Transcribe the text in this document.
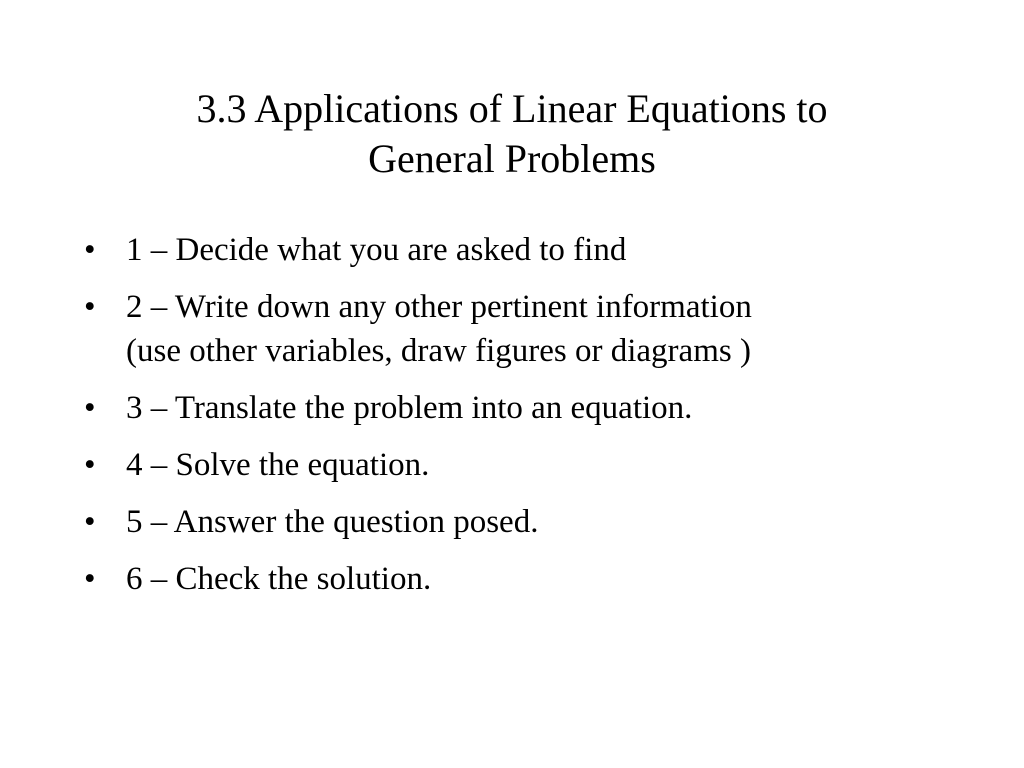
3.3 Applications of Linear Equations to
General Problems
• 1 – Decide what you are asked to find
• 2 – Write down any other pertinent information
(use other variables, draw figures or diagrams )
• 3 – Translate the problem into an equation.
• 4 – Solve the equation.
• 5 – Answer the question posed.
• 6 – Check the solution.
